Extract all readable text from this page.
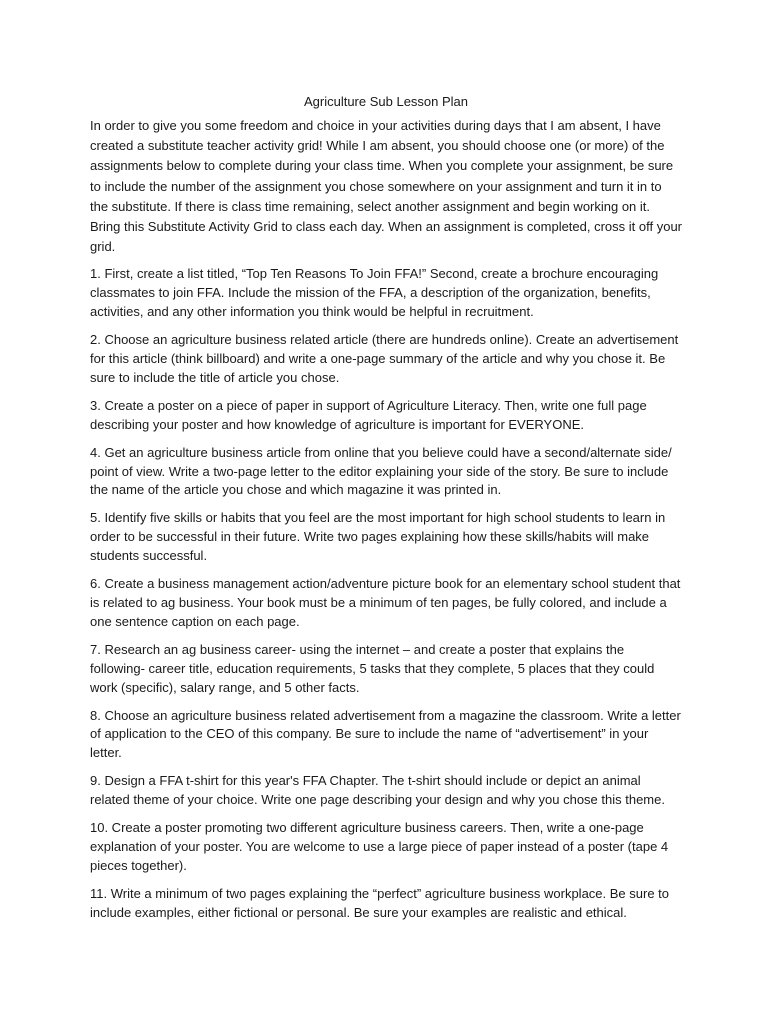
Agriculture Sub Lesson Plan

In order to give you some freedom and choice in your activities during days that I am absent, I have created a substitute teacher activity grid! While I am absent, you should choose one (or more) of the assignments below to complete during your class time. When you complete your assignment, be sure to include the number of the assignment you chose somewhere on your assignment and turn it in to the substitute. If there is class time remaining, select another assignment and begin working on it. Bring this Substitute Activity Grid to class each day. When an assignment is completed, cross it off your grid.

1. First, create a list titled, “Top Ten Reasons To Join FFA!” Second, create a brochure encouraging classmates to join FFA. Include the mission of the FFA, a description of the organization, benefits, activities, and any other information you think would be helpful in recruitment.

2. Choose an agriculture business related article (there are hundreds online). Create an advertisement for this article (think billboard) and write a one-page summary of the article and why you chose it. Be sure to include the title of article you chose.

3. Create a poster on a piece of paper in support of Agriculture Literacy. Then, write one full page describing your poster and how knowledge of agriculture is important for EVERYONE.

4. Get an agriculture business article from online that you believe could have a second/alternate side/ point of view. Write a two-page letter to the editor explaining your side of the story. Be sure to include the name of the article you chose and which magazine it was printed in.

5. Identify five skills or habits that you feel are the most important for high school students to learn in order to be successful in their future. Write two pages explaining how these skills/habits will make students successful.

6. Create a business management action/adventure picture book for an elementary school student that is related to ag business. Your book must be a minimum of ten pages, be fully colored, and include a one sentence caption on each page.

7. Research an ag business career- using the internet – and create a poster that explains the following- career title, education requirements, 5 tasks that they complete, 5 places that they could work (specific), salary range, and 5 other facts.

8. Choose an agriculture business related advertisement from a magazine the classroom. Write a letter of application to the CEO of this company. Be sure to include the name of “advertisement” in your letter.

9. Design a FFA t-shirt for this year's FFA Chapter. The t-shirt should include or depict an animal related theme of your choice. Write one page describing your design and why you chose this theme.

10. Create a poster promoting two different agriculture business careers. Then, write a one-page explanation of your poster. You are welcome to use a large piece of paper instead of a poster (tape 4 pieces together).

11. Write a minimum of two pages explaining the “perfect” agriculture business workplace. Be sure to include examples, either fictional or personal. Be sure your examples are realistic and ethical.
